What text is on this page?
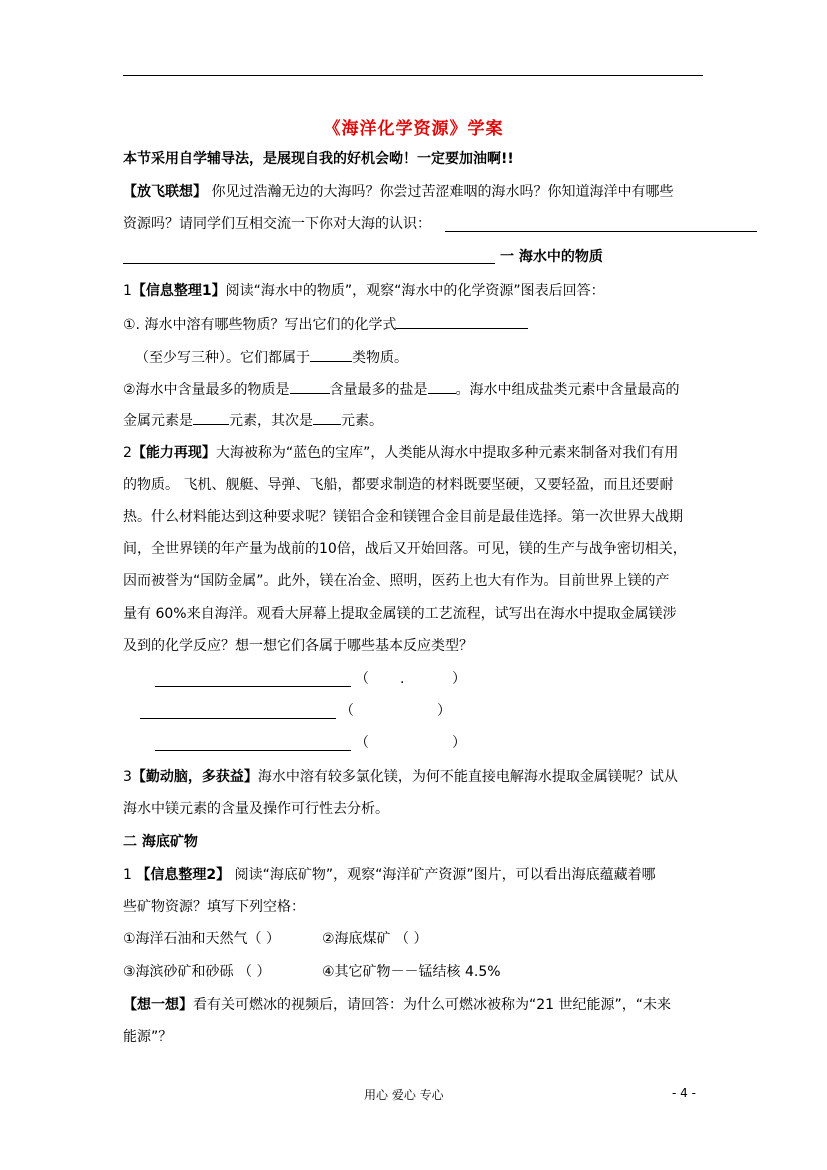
《海洋化学资源》学案
本节采用自学辅导法，是展现自我的好机会呦！一定要加油啊!!
【放飞联想】 你见过浩瀚无边的大海吗？你尝过苦涩难咽的海水吗？你知道海洋中有哪些
资源吗？请同学们互相交流一下你对大海的认识：
一 海水中的物质
1【信息整理1】阅读“海水中的物质”，观察“海水中的化学资源”图表后回答：
①. 海水中溶有哪些物质？写出它们的化学式
（至少写三种）。它们都属于	类物质。
②海水中含量最多的物质是	含量最多的盐是 。海水中组成盐类元素中含量最高的
金属元素是	元素，其次是 元素。
2【能力再现】大海被称为“蓝色的宝库”，人类能从海水中提取多种元素来制备对我们有用
的物质。 飞机、舰艇、导弹、飞船，都要求制造的材料既要坚硬，又要轻盈，而且还要耐
热。什么材料能达到这种要求呢？镁铝合金和镁锂合金目前是最佳选择。第一次世界大战期
间，全世界镁的年产量为战前的10倍，战后又开始回落。可见，镁的生产与战争密切相关，
因而被誉为“国防金属”。此外，镁在冶金、照明，医药上也大有作为。目前世界上镁的产
量有 60%来自海洋。观看大屏幕上提取金属镁的工艺流程，试写出在海水中提取金属镁涉
及到的化学反应？想一想它们各属于哪些基本反应类型？
（ .	）
（	）
（	）
3【勤动脑，多获益】海水中溶有较多氯化镁，为何不能直接电解海水提取金属镁呢？试从
海水中镁元素的含量及操作可行性去分析。
二 海底矿物
1 【信息整理2】 阅读“海底矿物”，观察“海洋矿产资源”图片，可以看出海底蕴藏着哪
些矿物资源？填写下列空格：
①海洋石油和天然气（ ）	②海底煤矿 （ ）
③海滨砂矿和砂砾 （ ）	④其它矿物－－锰结核 4.5%
【想一想】看有关可燃冰的视频后，请回答：为什么可燃冰被称为“21 世纪能源”，“未来
能源”？
用心 爱心 专心	- 4 -
